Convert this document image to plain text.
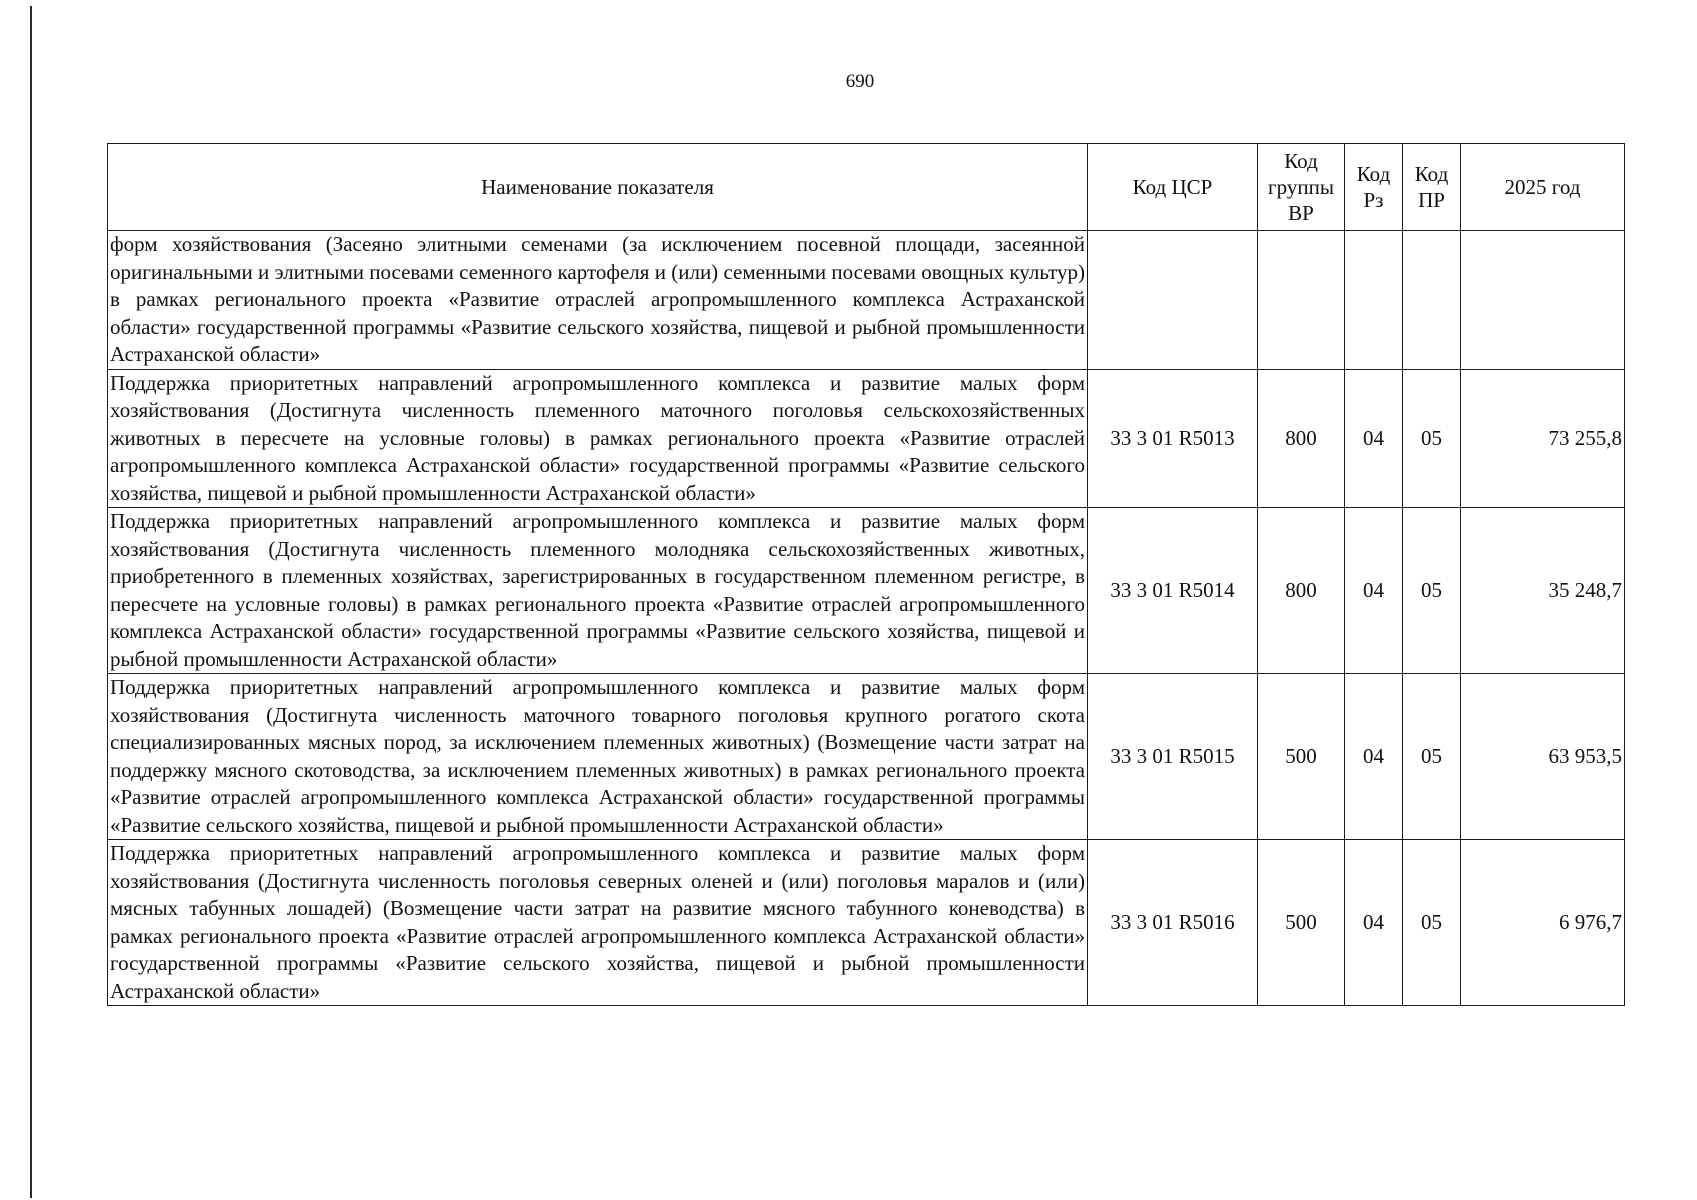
690
Наименование показателя	Код ЦСР	Код группы ВР	Код Рз	Код ПР	2025 год
форм хозяйствования (Засеяно элитными семенами (за исключением посевной площади, засеянной оригинальными и элитными посевами семенного картофеля и (или) семенными посевами овощных культур) в рамках регионального проекта «Развитие отраслей агропромышленного комплекса Астраханской области» государственной программы «Развитие сельского хозяйства, пищевой и рыбной промышленности Астраханской области»					
Поддержка приоритетных направлений агропромышленного комплекса и развитие малых форм хозяйствования (Достигнута численность племенного маточного поголовья сельскохозяйственных животных в пересчете на условные головы) в рамках регионального проекта «Развитие отраслей агропромышленного комплекса Астраханской области» государственной программы «Развитие сельского хозяйства, пищевой и рыбной промышленности Астраханской области»	33 3 01 R5013	800	04	05	73 255,8
Поддержка приоритетных направлений агропромышленного комплекса и развитие малых форм хозяйствования (Достигнута численность племенного молодняка сельскохозяйственных животных, приобретенного в племенных хозяйствах, зарегистрированных в государственном племенном регистре, в пересчете на условные головы) в рамках регионального проекта «Развитие отраслей агропромышленного комплекса Астраханской области» государственной программы «Развитие сельского хозяйства, пищевой и рыбной промышленности Астраханской области»	33 3 01 R5014	800	04	05	35 248,7
Поддержка приоритетных направлений агропромышленного комплекса и развитие малых форм хозяйствования (Достигнута численность маточного товарного поголовья крупного рогатого скота специализированных мясных пород, за исключением племенных животных) (Возмещение части затрат на поддержку мясного скотоводства, за исключением племенных животных) в рамках регионального проекта «Развитие отраслей агропромышленного комплекса Астраханской области» государственной программы «Развитие сельского хозяйства, пищевой и рыбной промышленности Астраханской области»	33 3 01 R5015	500	04	05	63 953,5
Поддержка приоритетных направлений агропромышленного комплекса и развитие малых форм хозяйствования (Достигнута численность поголовья северных оленей и (или) поголовья маралов и (или) мясных табунных лошадей) (Возмещение части затрат на развитие мясного табунного коневодства) в рамках регионального проекта «Развитие отраслей агропромышленного комплекса Астраханской области» государственной программы «Развитие сельского хозяйства, пищевой и рыбной промышленности Астраханской области»	33 3 01 R5016	500	04	05	6 976,7
